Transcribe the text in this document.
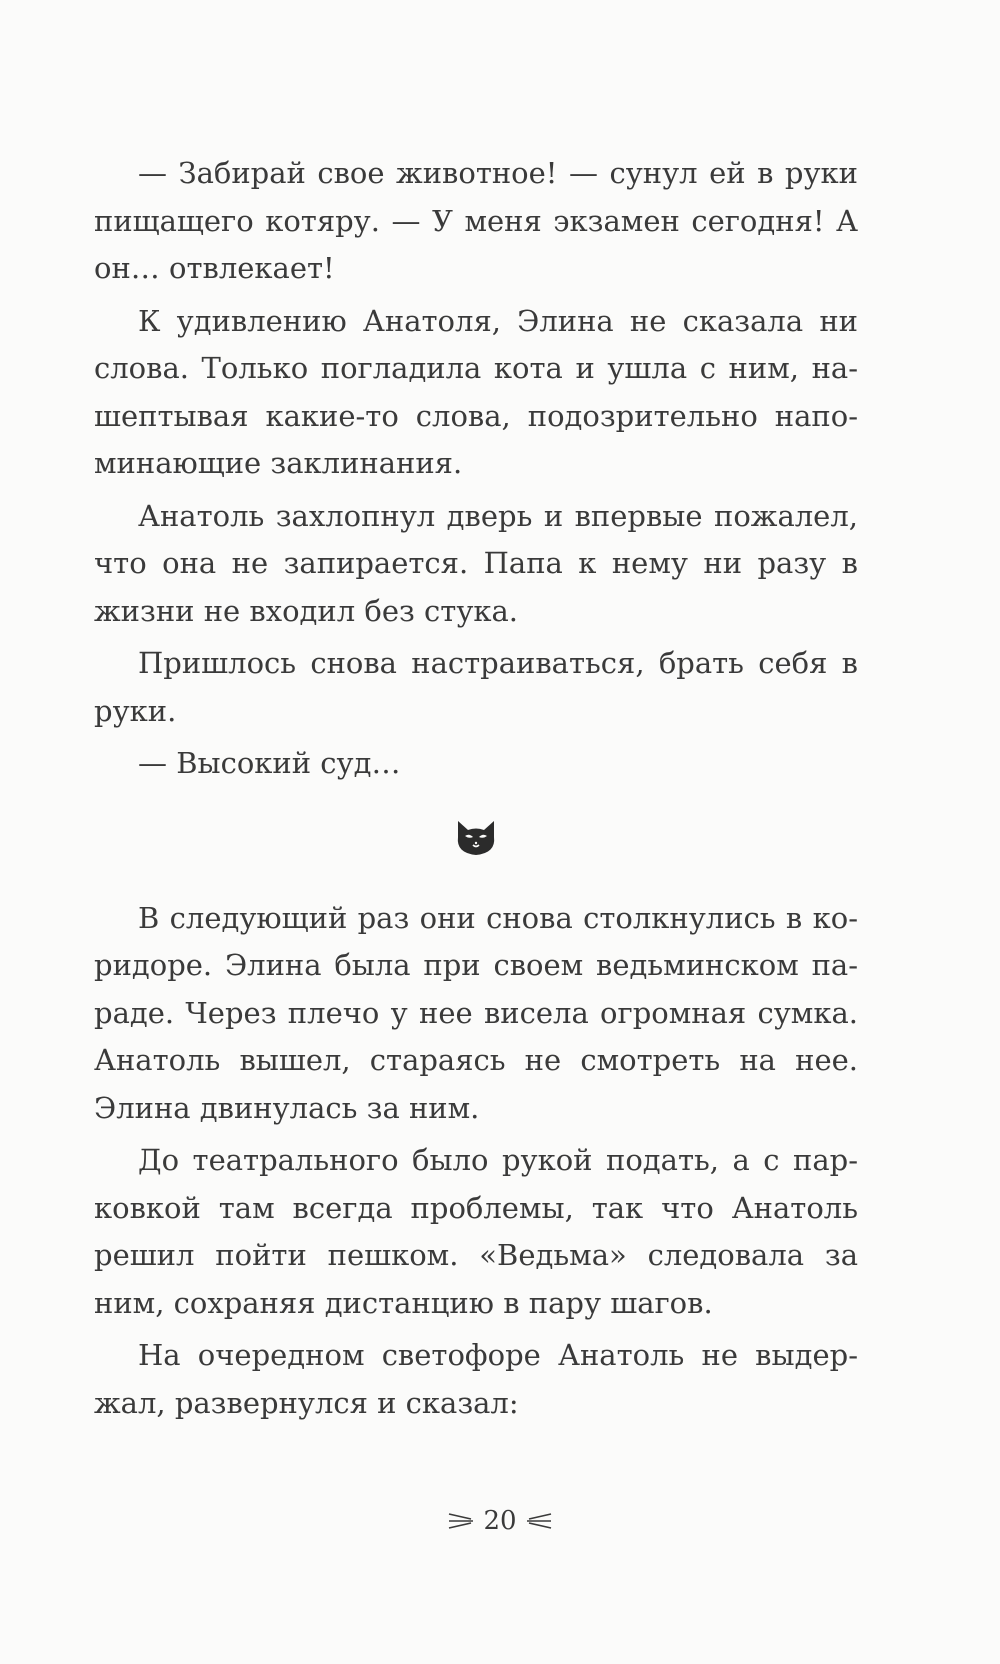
— Забирай свое животное! — сунул ей в руки пищащего котяру. — У меня экзамен сегодня! А он… отвлекает!

К удивлению Анатоля, Элина не сказала ни слова. Только погладила кота и ушла с ним, нашептывая какие-то слова, подозрительно напоминающие заклинания.

Анатоль захлопнул дверь и впервые пожалел, что она не запирается. Папа к нему ни разу в жизни не входил без стука.

Пришлось снова настраиваться, брать себя в руки.

— Высокий суд…

В следующий раз они снова столкнулись в коридоре. Элина была при своем ведьминском параде. Через плечо у нее висела огромная сумка. Анатоль вышел, стараясь не смотреть на нее. Элина двинулась за ним.

До театрального было рукой подать, а с парковкой там всегда проблемы, так что Анатоль решил пойти пешком. «Ведьма» следовала за ним, сохраняя дистанцию в пару шагов.

На очередном светофоре Анатоль не выдержал, развернулся и сказал:

20
